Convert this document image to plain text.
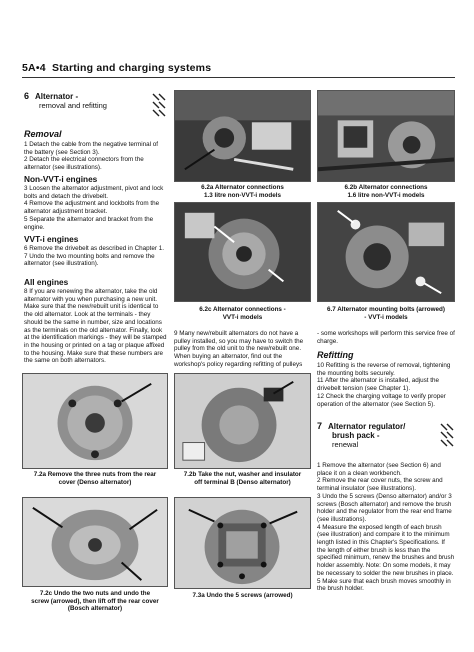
5A•4 Starting and charging systems
6 Alternator -
removal and refitting
Removal

1 Detach the cable from the negative terminal of the battery (see Section 3).

2 Detach the electrical connectors from the alternator (see illustrations).

Non-VVT-i engines

3 Loosen the alternator adjustment, pivot and lock bolts and detach the drivebelt.

4 Remove the adjustment and lockbolts from the alternator adjustment bracket.

5 Separate the alternator and bracket from the engine.

VVT-i engines

6 Remove the drivebelt as described in Chapter 1.

7 Undo the two mounting bolts and remove the alternator (see illustration).

All engines

8 If you are renewing the alternator, take the old alternator with you when purchasing a new unit. Make sure that the new/rebuilt unit is identical to the old alternator. Look at the terminals - they should be the same in number, size and locations as the terminals on the old alternator. Finally, look at the identification markings - they will be stamped in the housing or printed on a tag or plaque affixed to the housing. Make sure that these numbers are the same on both alternators.

6.2a Alternator connections
1.3 litre non-VVT-i models
6.2b Alternator connections
1.6 litre non-VVT-i models
6.2c Alternator connections -
VVT-i models
6.7 Alternator mounting bolts (arrowed)
- VVT-i models
9 Many new/rebuilt alternators do not have a pulley installed, so you may have to switch the pulley from the old unit to the new/rebuilt one. When buying an alternator, find out the workshop's policy regarding refitting of pulleys
- some workshops will perform this service free of charge.
Refitting

10 Refitting is the reverse of removal, tightening the mounting bolts securely.

11 After the alternator is installed, adjust the drivebelt tension (see Chapter 1).

12 Check the charging voltage to verify proper operation of the alternator (see Section 5).

7 Alternator regulator/
brush pack -
renewal

1 Remove the alternator (see Section 6) and place it on a clean workbench.

2 Remove the rear cover nuts, the screw and terminal insulator (see illustrations).

3 Undo the 5 screws (Denso alternator) and/or 3 screws (Bosch alternator) and remove the brush holder and the regulator from the rear end frame (see illustrations).

4 Measure the exposed length of each brush (see illustration) and compare it to the minimum length listed in this Chapter's Specifications. If the length of either brush is less than the specified minimum, renew the brushes and brush holder assembly. Note: On some models, it may be necessary to solder the new brushes in place.

5 Make sure that each brush moves smoothly in the brush holder.

7.2a Remove the three nuts from the rear
cover (Denso alternator)
7.2b Take the nut, washer and insulator
off terminal B (Denso alternator)
7.2c Undo the two nuts and undo the
screw (arrowed), then lift off the rear cover
(Bosch alternator)
7.3a Undo the 5 screws (arrowed)
